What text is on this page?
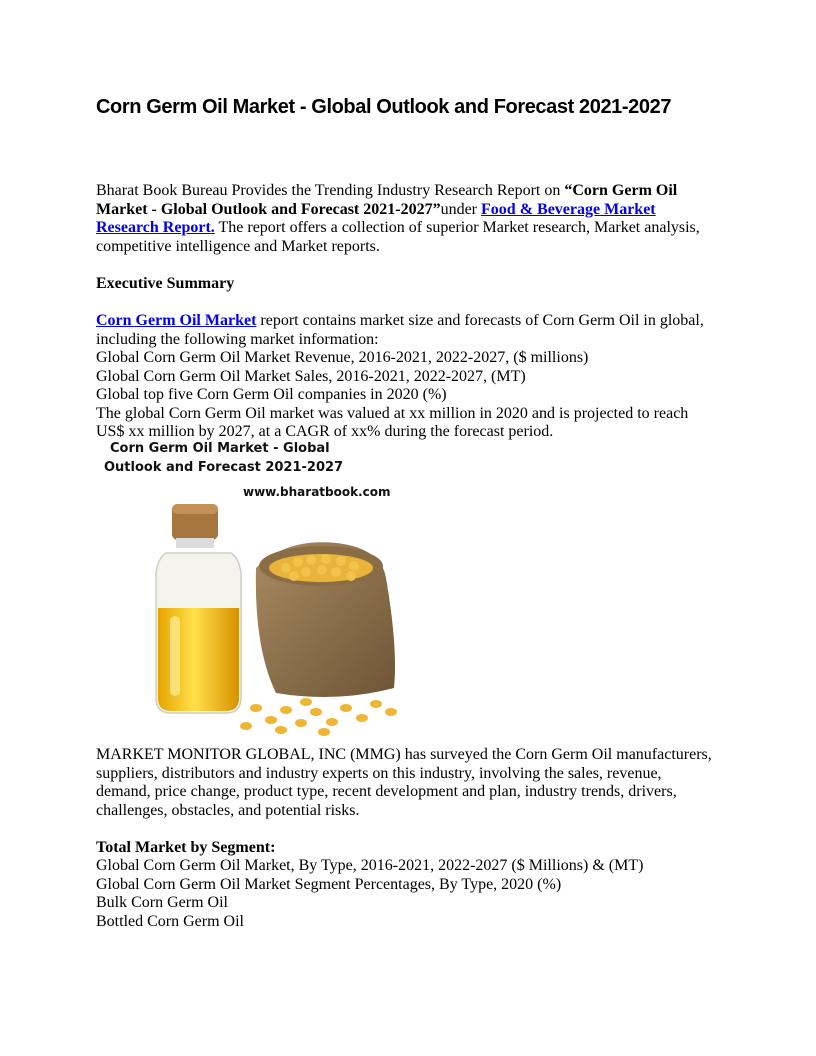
Corn Germ Oil Market - Global Outlook and Forecast 2021-2027
Bharat Book Bureau Provides the Trending Industry Research Report on “Corn Germ Oil
Market - Global Outlook and Forecast 2021-2027”under Food & Beverage Market
Research Report. The report offers a collection of superior Market research, Market analysis,
competitive intelligence and Market reports.

Executive Summary

Corn Germ Oil Market report contains market size and forecasts of Corn Germ Oil in global,
including the following market information:
Global Corn Germ Oil Market Revenue, 2016-2021, 2022-2027, ($ millions)
Global Corn Germ Oil Market Sales, 2016-2021, 2022-2027, (MT)
Global top five Corn Germ Oil companies in 2020 (%)
The global Corn Germ Oil market was valued at xx million in 2020 and is projected to reach
US$ xx million by 2027, at a CAGR of xx% during the forecast period.
Corn Germ Oil Market - Global
Outlook and Forecast 2021-2027
www.bharatbook.com
MARKET MONITOR GLOBAL, INC (MMG) has surveyed the Corn Germ Oil manufacturers,
suppliers, distributors and industry experts on this industry, involving the sales, revenue,
demand, price change, product type, recent development and plan, industry trends, drivers,
challenges, obstacles, and potential risks.

Total Market by Segment:

Global Corn Germ Oil Market, By Type, 2016-2021, 2022-2027 ($ Millions) & (MT)
Global Corn Germ Oil Market Segment Percentages, By Type, 2020 (%)
Bulk Corn Germ Oil
Bottled Corn Germ Oil
